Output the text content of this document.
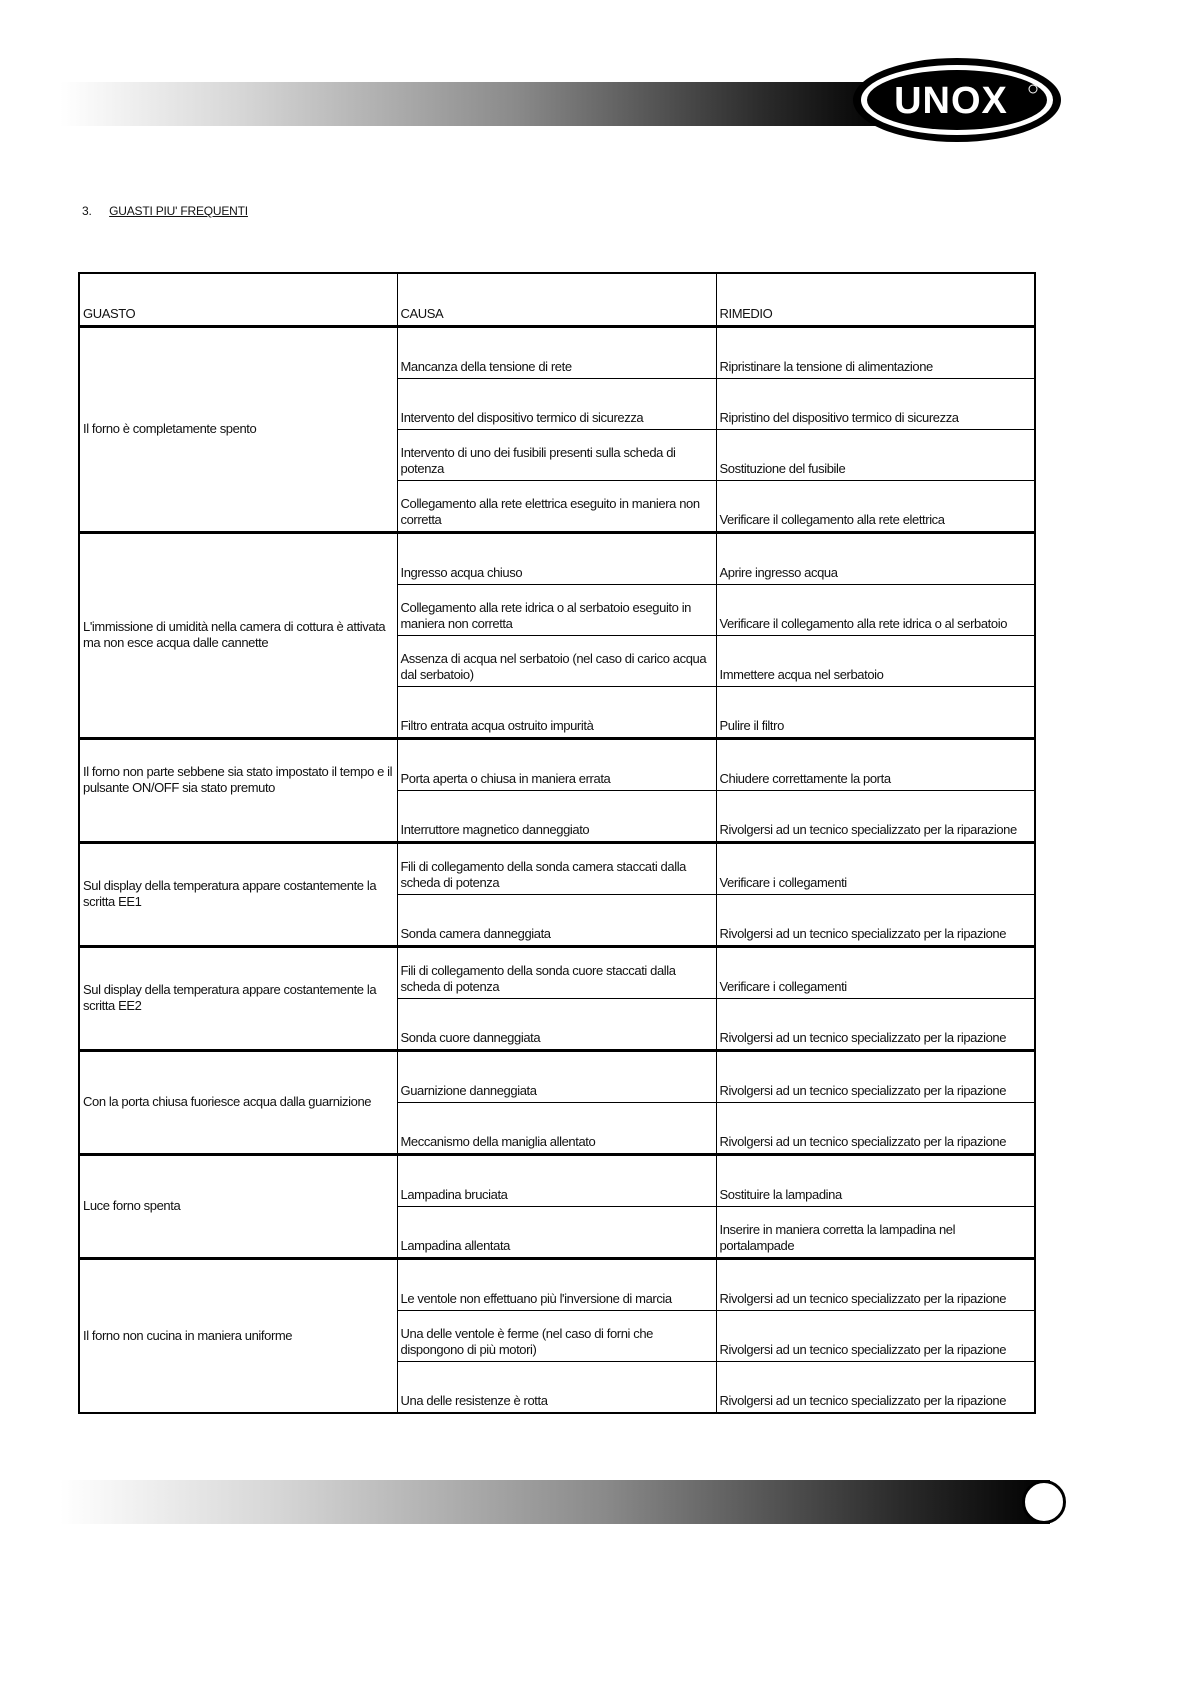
UNOX
3. GUASTI PIU' FREQUENTI
GUASTO	CAUSA	RIMEDIO
Il forno è completamente spento	Mancanza della tensione di rete	Ripristinare la tensione di alimentazione
	Intervento del dispositivo termico di sicurezza	Ripristino del dispositivo termico di sicurezza
	Intervento di uno dei fusibili presenti sulla scheda di potenza	Sostituzione del fusibile
	Collegamento alla rete elettrica eseguito in maniera non corretta	Verificare il collegamento alla rete elettrica
L'immissione di umidità nella camera di cottura è attivata ma non esce acqua dalle cannette	Ingresso acqua chiuso	Aprire ingresso acqua
	Collegamento alla rete idrica o al serbatoio eseguito in maniera non corretta	Verificare il collegamento alla rete idrica o al serbatoio
	Assenza di acqua nel serbatoio (nel caso di carico acqua dal serbatoio)	Immettere acqua nel serbatoio
	Filtro entrata acqua ostruito impurità	Pulire il filtro
Il forno non parte sebbene sia stato impostato il tempo e il pulsante ON/OFF sia stato premuto	Porta aperta o chiusa in maniera errata	Chiudere correttamente la porta
	Interruttore magnetico danneggiato	Rivolgersi ad un tecnico specializzato per la riparazione
Sul display della temperatura appare costantemente la scritta EE1	Fili di collegamento della sonda camera staccati dalla scheda di potenza	Verificare i collegamenti
	Sonda camera danneggiata	Rivolgersi ad un tecnico specializzato per la ripazione
Sul display della temperatura appare costantemente la scritta EE2	Fili di collegamento della sonda cuore staccati dalla scheda di potenza	Verificare i collegamenti
	Sonda cuore danneggiata	Rivolgersi ad un tecnico specializzato per la ripazione
Con la porta chiusa fuoriesce acqua dalla guarnizione	Guarnizione danneggiata	Rivolgersi ad un tecnico specializzato per la ripazione
	Meccanismo della maniglia allentato	Rivolgersi ad un tecnico specializzato per la ripazione
Luce forno spenta	Lampadina bruciata	Sostituire la lampadina
	Lampadina allentata	Inserire in maniera corretta la lampadina nel portalampade
Il forno non cucina in maniera uniforme	Le ventole non effettuano più l'inversione di marcia	Rivolgersi ad un tecnico specializzato per la ripazione
	Una delle ventole è ferme (nel caso di forni che dispongono di più motori)	Rivolgersi ad un tecnico specializzato per la ripazione
	Una delle resistenze è rotta	Rivolgersi ad un tecnico specializzato per la ripazione
